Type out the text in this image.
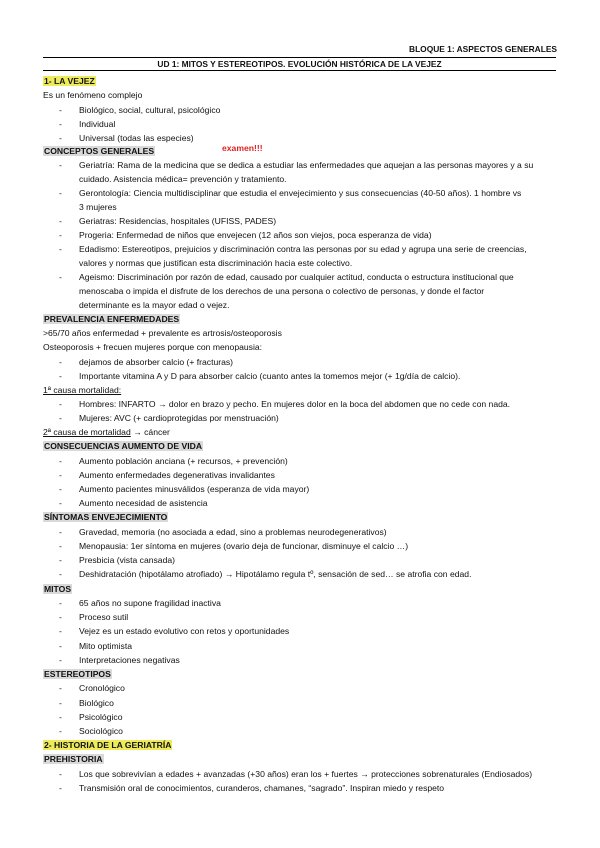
BLOQUE 1: ASPECTOS GENERALES
UD 1: MITOS Y ESTEREOTIPOS. EVOLUCIÓN HISTÓRICA DE LA VEJEZ
1- LA VEJEZ
Es un fenómeno complejo
- Biológico, social, cultural, psicológico
- Individual
- Universal (todas las especies)
CONCEPTOS GENERALES	examen!!!
- Geriatría: Rama de la medicina que se dedica a estudiar las enfermedades que aquejan a las personas mayores y a su
cuidado. Asistencia médica= prevención y tratamiento.
- Gerontología: Ciencia multidisciplinar que estudia el envejecimiento y sus consecuencias (40-50 años). 1 hombre vs
3 mujeres
- Geriatras: Residencias, hospitales (UFISS, PADES)
- Progeria: Enfermedad de niños que envejecen (12 años son viejos, poca esperanza de vida)
- Edadismo: Estereotipos, prejuicios y discriminación contra las personas por su edad y agrupa una serie de creencias,
valores y normas que justifican esta discriminación hacia este colectivo.
- Ageismo: Discriminación por razón de edad, causado por cualquier actitud, conducta o estructura institucional que
menoscaba o impida el disfrute de los derechos de una persona o colectivo de personas, y donde el factor
determinante es la mayor edad o vejez.
PREVALENCIA ENFERMEDADES
>65/70 años enfermedad + prevalente es artrosis/osteoporosis
Osteoporosis + frecuen mujeres porque con menopausia:
- dejamos de absorber calcio (+ fracturas)
- Importante vitamina A y D para absorber calcio (cuanto antes la tomemos mejor (+ 1g/día de calcio).
1ª causa mortalidad:
- Hombres: INFARTO → dolor en brazo y pecho. En mujeres dolor en la boca del abdomen que no cede con nada.
- Mujeres: AVC (+ cardioprotegidas por menstruación)
2ª causa de mortalidad → cáncer
CONSECUENCIAS AUMENTO DE VIDA
- Aumento población anciana (+ recursos, + prevención)
- Aumento enfermedades degenerativas invalidantes
- Aumento pacientes minusválidos (esperanza de vida mayor)
- Aumento necesidad de asistencia
SÍNTOMAS ENVEJECIMIENTO
- Gravedad, memoria (no asociada a edad, sino a problemas neurodegenerativos)
- Menopausia: 1er síntoma en mujeres (ovario deja de funcionar, disminuye el calcio …)
- Presbicia (vista cansada)
- Deshidratación (hipotálamo atrofiado) → Hipotálamo regula tº, sensación de sed… se atrofia con edad.
MITOS
- 65 años no supone fragilidad inactiva
- Proceso sutil
- Vejez es un estado evolutivo con retos y oportunidades
- Mito optimista
- Interpretaciones negativas
ESTEREOTIPOS
- Cronológico
- Biológico
- Psicológico
- Sociológico
2- HISTORIA DE LA GERIATRÍA
PREHISTORIA
- Los que sobrevivían a edades + avanzadas (+30 años) eran los + fuertes → protecciones sobrenaturales (Endiosados)
- Transmisión oral de conocimientos, curanderos, chamanes, “sagrado”. Inspiran miedo y respeto
